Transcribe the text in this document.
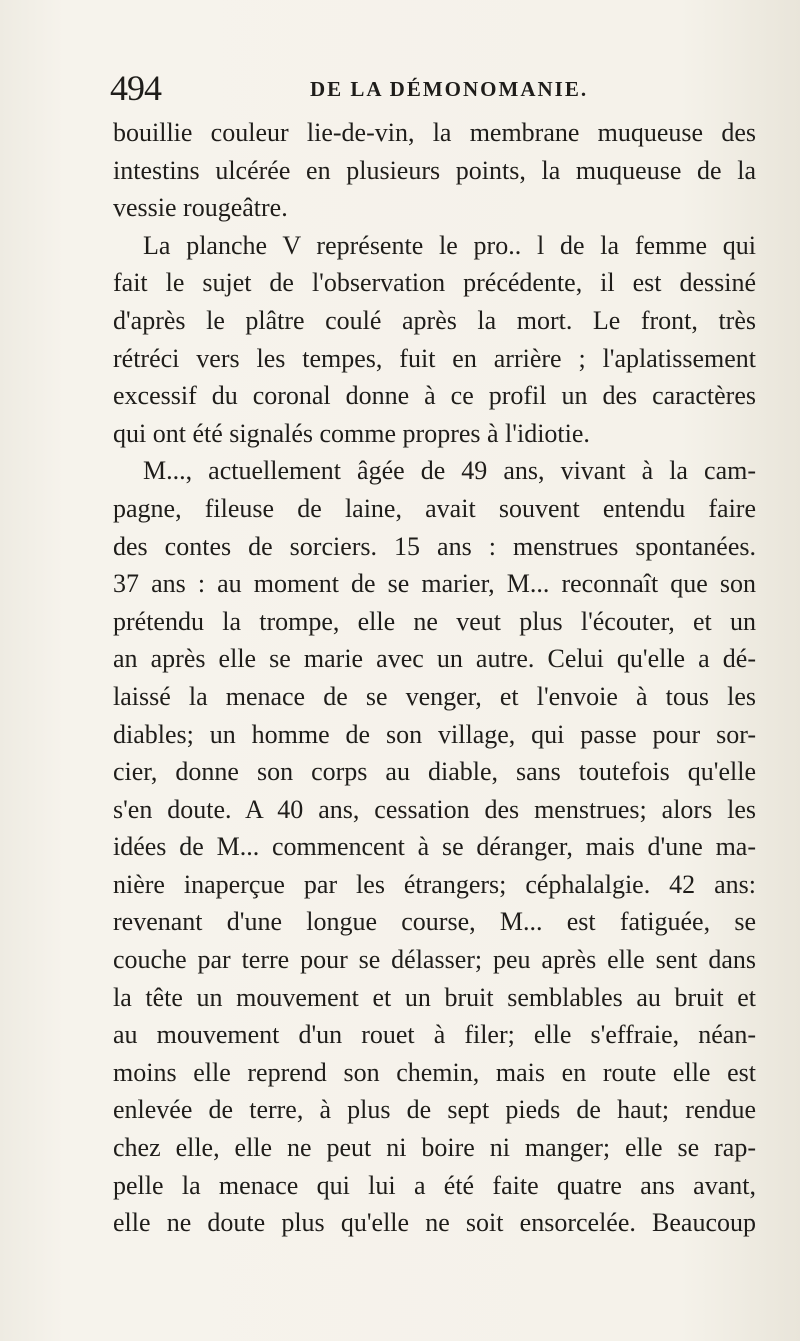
494	DE LA DÉMONOMANIE.
bouillie couleur lie-de-vin, la membrane muqueuse des
intestins ulcérée en plusieurs points, la muqueuse de la
vessie rougeâtre.
La planche V représente le pro.. l de la femme qui
fait le sujet de l'observation précédente, il est dessiné
d'après le plâtre coulé après la mort. Le front, très
rétréci vers les tempes, fuit en arrière ; l'aplatissement
excessif du coronal donne à ce profil un des caractères
qui ont été signalés comme propres à l'idiotie.
M..., actuellement âgée de 49 ans, vivant à la cam-
pagne, fileuse de laine, avait souvent entendu faire
des contes de sorciers. 15 ans : menstrues spontanées.
37 ans : au moment de se marier, M... reconnaît que son
prétendu la trompe, elle ne veut plus l'écouter, et un
an après elle se marie avec un autre. Celui qu'elle a dé-
laissé la menace de se venger, et l'envoie à tous les
diables; un homme de son village, qui passe pour sor-
cier, donne son corps au diable, sans toutefois qu'elle
s'en doute. A 40 ans, cessation des menstrues; alors les
idées de M... commencent à se déranger, mais d'une ma-
nière inaperçue par les étrangers; céphalalgie. 42 ans:
revenant d'une longue course, M... est fatiguée, se
couche par terre pour se délasser; peu après elle sent dans
la tête un mouvement et un bruit semblables au bruit et
au mouvement d'un rouet à filer; elle s'effraie, néan-
moins elle reprend son chemin, mais en route elle est
enlevée de terre, à plus de sept pieds de haut; rendue
chez elle, elle ne peut ni boire ni manger; elle se rap-
pelle la menace qui lui a été faite quatre ans avant,
elle ne doute plus qu'elle ne soit ensorcelée. Beaucoup
